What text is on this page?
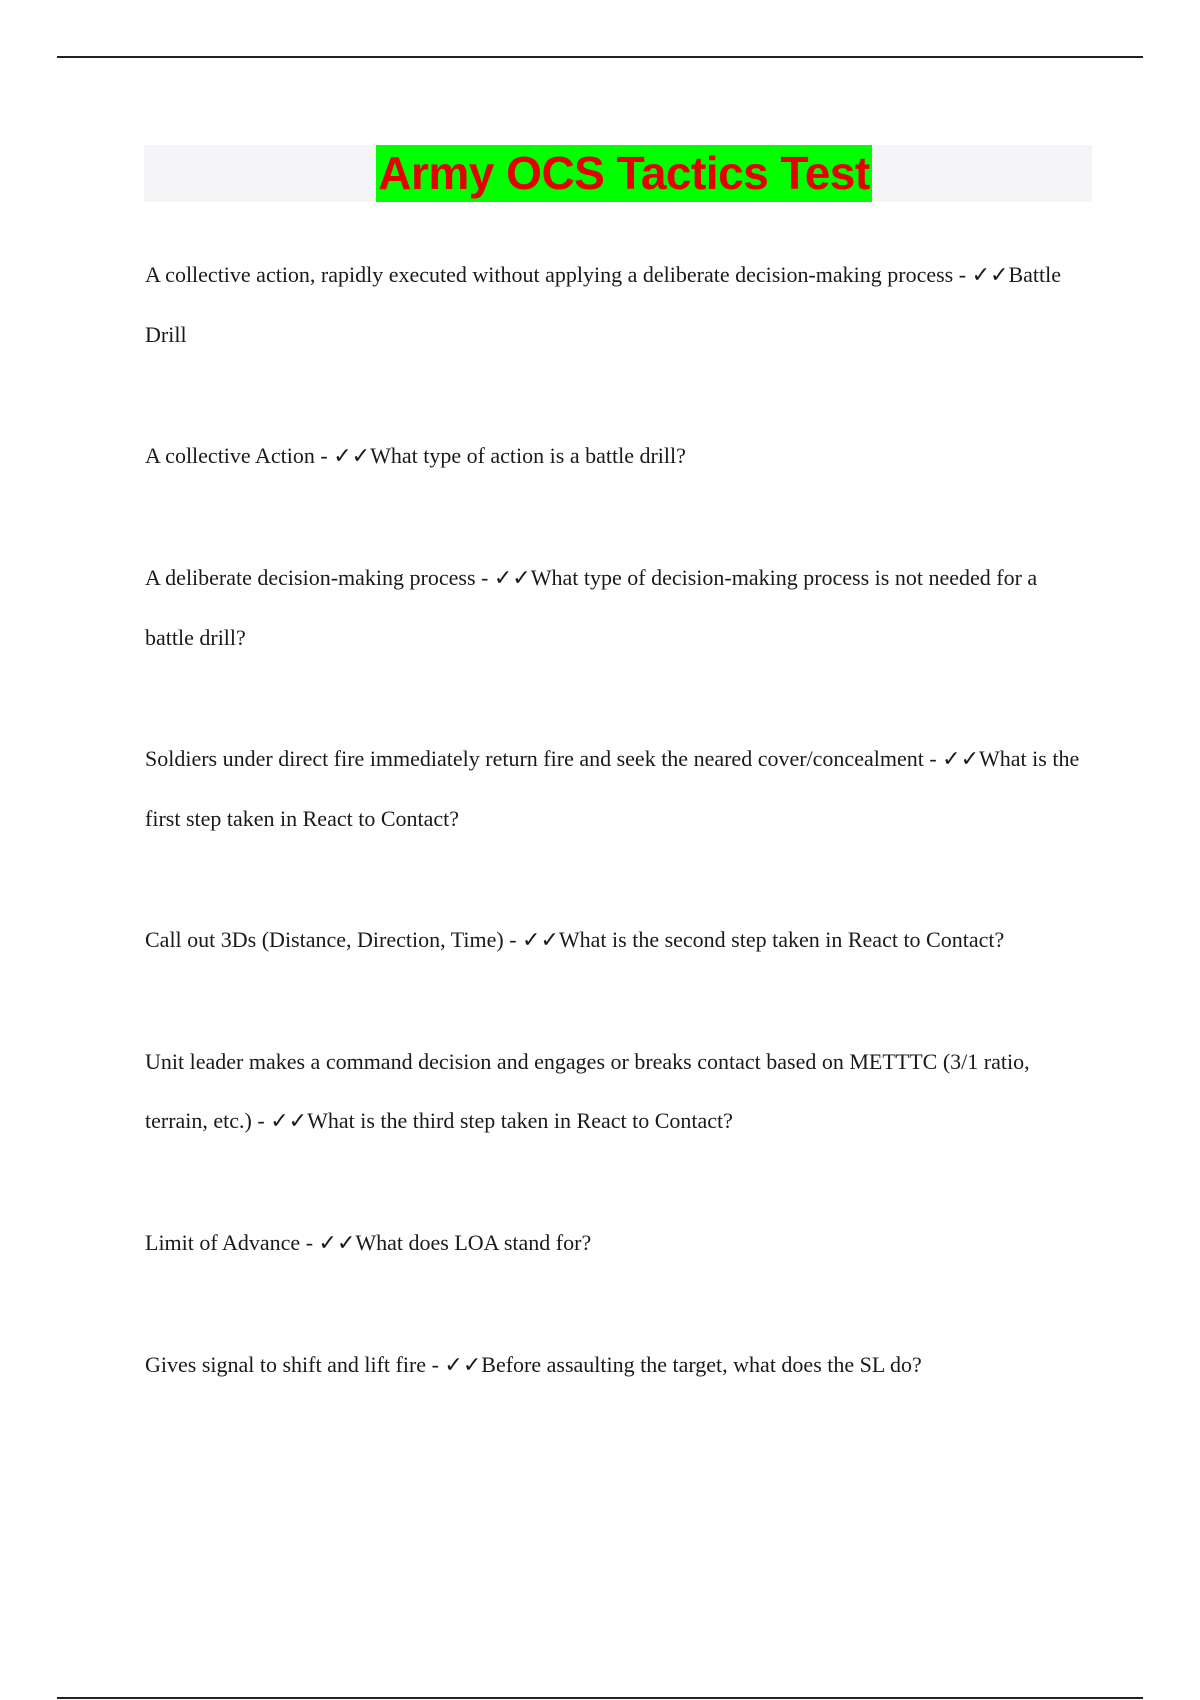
Army OCS Tactics Test

A collective action, rapidly executed without applying a deliberate decision-making process - ✓✓Battle Drill

A collective Action - ✓✓What type of action is a battle drill?

A deliberate decision-making process - ✓✓What type of decision-making process is not needed for a battle drill?

Soldiers under direct fire immediately return fire and seek the neared cover/concealment - ✓✓What is the first step taken in React to Contact?

Call out 3Ds (Distance, Direction, Time) - ✓✓What is the second step taken in React to Contact?

Unit leader makes a command decision and engages or breaks contact based on METTTC (3/1 ratio, terrain, etc.) - ✓✓What is the third step taken in React to Contact?

Limit of Advance - ✓✓What does LOA stand for?

Gives signal to shift and lift fire - ✓✓Before assaulting the target, what does the SL do?
